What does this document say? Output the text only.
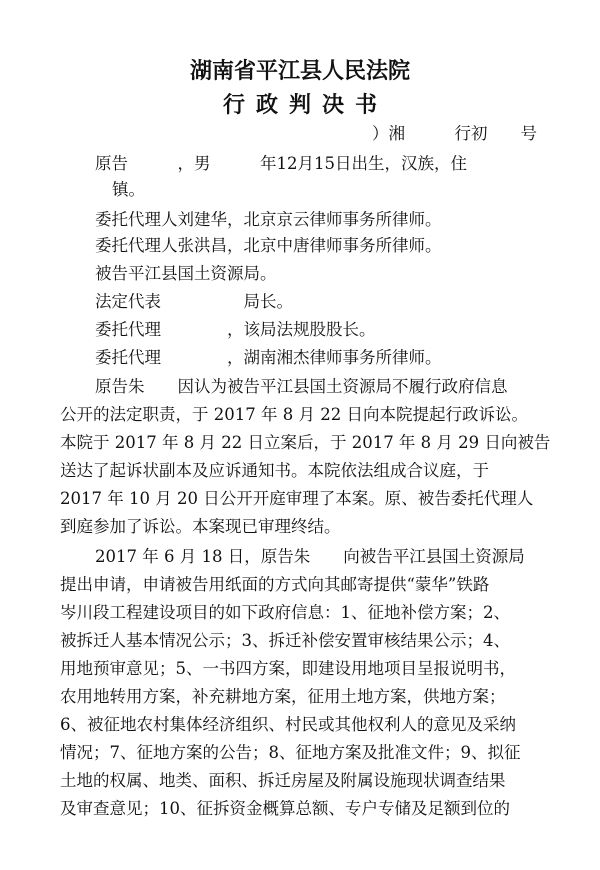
湖南省平江县人民法院
行政判决书
）湘　　　行初　　号
原告　　　，男　　　年12月15日出生，汉族，住
镇。
委托代理人刘建华，北京京云律师事务所律师。
委托代理人张洪昌，北京中唐律师事务所律师。
被告平江县国土资源局。
法定代表　　　　　局长。
委托代理　　　　，该局法规股股长。
委托代理　　　　，湖南湘杰律师事务所律师。
原告朱　　因认为被告平江县国土资源局不履行政府信息
公开的法定职责，于 2017 年 8 月 22 日向本院提起行政诉讼。
本院于 2017 年 8 月 22 日立案后，于 2017 年 8 月 29 日向被告
送达了起诉状副本及应诉通知书。本院依法组成合议庭，于
2017 年 10 月 20 日公开开庭审理了本案。原、被告委托代理人
到庭参加了诉讼。本案现已审理终结。
2017 年 6 月 18 日，原告朱　　向被告平江县国土资源局
提出申请，申请被告用纸面的方式向其邮寄提供“蒙华”铁路
岑川段工程建设项目的如下政府信息：1、征地补偿方案；2、
被拆迁人基本情况公示；3、拆迁补偿安置审核结果公示；4、
用地预审意见；5、一书四方案，即建设用地项目呈报说明书，
农用地转用方案，补充耕地方案，征用土地方案，供地方案；
6、被征地农村集体经济组织、村民或其他权利人的意见及采纳
情况；7、征地方案的公告；8、征地方案及批准文件；9、拟征
土地的权属、地类、面积、拆迁房屋及附属设施现状调查结果
及审查意见；10、征拆资金概算总额、专户专储及足额到位的
